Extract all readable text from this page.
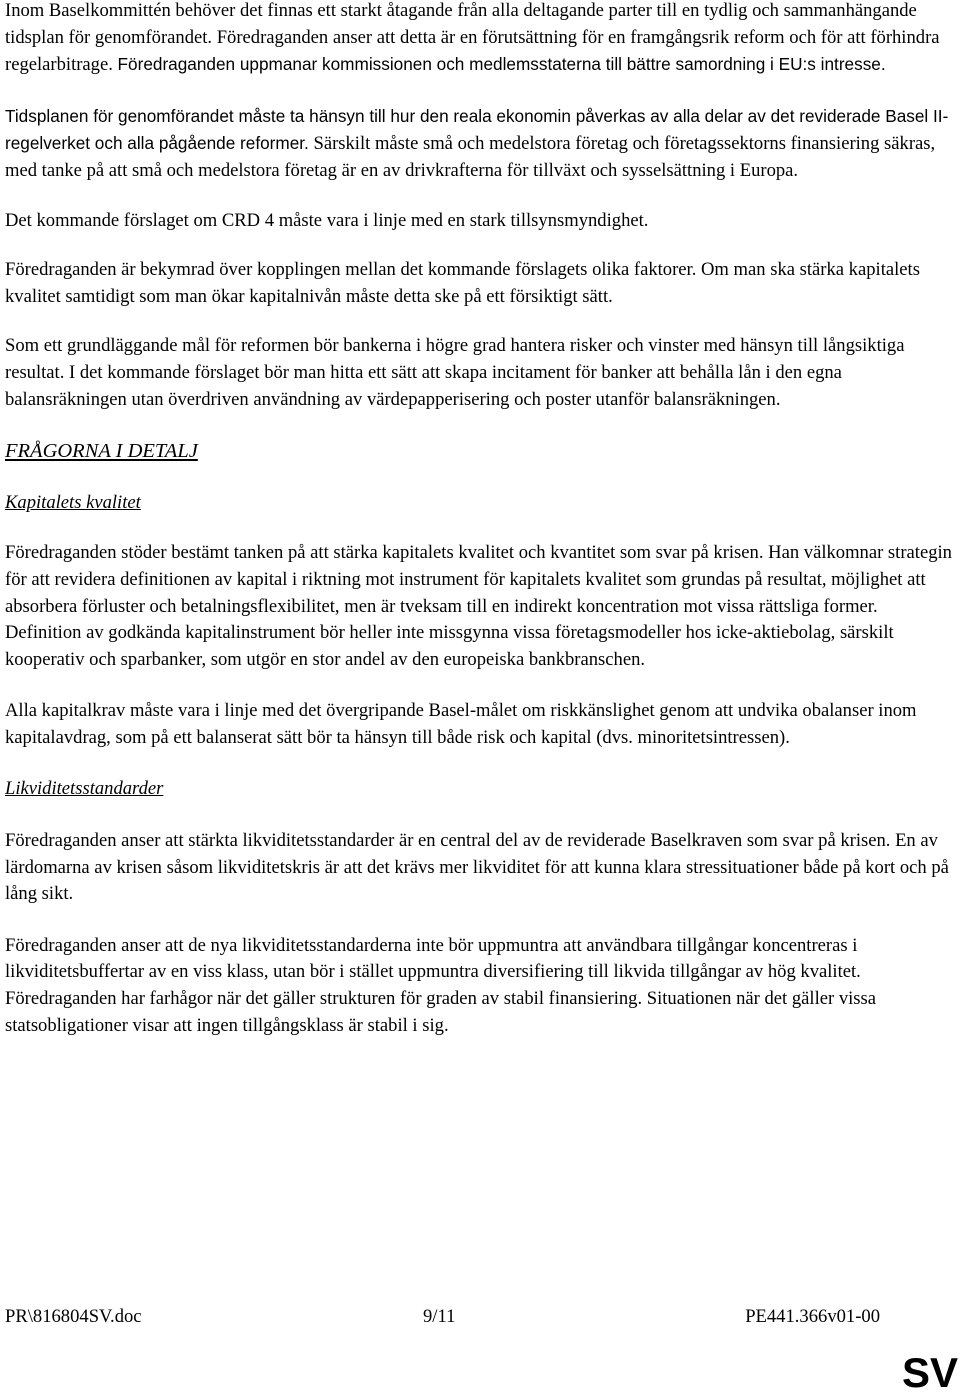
Inom Baselkommittén behöver det finnas ett starkt åtagande från alla deltagande parter till en tydlig och sammanhängande tidsplan för genomförandet. Föredraganden anser att detta är en förutsättning för en framgångsrik reform och för att förhindra regelarbitrage. Föredraganden uppmanar kommissionen och medlemsstaterna till bättre samordning i EU:s intresse.

Tidsplanen för genomförandet måste ta hänsyn till hur den reala ekonomin påverkas av alla delar av det reviderade Basel II-regelverket och alla pågående reformer. Särskilt måste små och medelstora företag och företagssektorns finansiering säkras, med tanke på att små och medelstora företag är en av drivkrafterna för tillväxt och sysselsättning i Europa.

Det kommande förslaget om CRD 4 måste vara i linje med en stark tillsynsmyndighet.

Föredraganden är bekymrad över kopplingen mellan det kommande förslagets olika faktorer. Om man ska stärka kapitalets kvalitet samtidigt som man ökar kapitalnivån måste detta ske på ett försiktigt sätt.

Som ett grundläggande mål för reformen bör bankerna i högre grad hantera risker och vinster med hänsyn till långsiktiga resultat. I det kommande förslaget bör man hitta ett sätt att skapa incitament för banker att behålla lån i den egna balansräkningen utan överdriven användning av värdepapperisering och poster utanför balansräkningen.

FRÅGORNA I DETALJ

Kapitalets kvalitet

Föredraganden stöder bestämt tanken på att stärka kapitalets kvalitet och kvantitet som svar på krisen. Han välkomnar strategin för att revidera definitionen av kapital i riktning mot instrument för kapitalets kvalitet som grundas på resultat, möjlighet att absorbera förluster och betalningsflexibilitet, men är tveksam till en indirekt koncentration mot vissa rättsliga former. Definition av godkända kapitalinstrument bör heller inte missgynna vissa företagsmodeller hos icke-aktiebolag, särskilt kooperativ och sparbanker, som utgör en stor andel av den europeiska bankbranschen.

Alla kapitalkrav måste vara i linje med det övergripande Basel-målet om riskkänslighet genom att undvika obalanser inom kapitalavdrag, som på ett balanserat sätt bör ta hänsyn till både risk och kapital (dvs. minoritetsintressen).

Likviditetsstandarder

Föredraganden anser att stärkta likviditetsstandarder är en central del av de reviderade Baselkraven som svar på krisen. En av lärdomarna av krisen såsom likviditetskris är att det krävs mer likviditet för att kunna klara stressituationer både på kort och på lång sikt.

Föredraganden anser att de nya likviditetsstandarderna inte bör uppmuntra att användbara tillgångar koncentreras i likviditetsbuffertar av en viss klass, utan bör i stället uppmuntra diversifiering till likvida tillgångar av hög kvalitet. Föredraganden har farhågor när det gäller strukturen för graden av stabil finansiering. Situationen när det gäller vissa statsobligationer visar att ingen tillgångsklass är stabil i sig.

PR\816804SV.doc	9/11	PE441.366v01-00
SV
